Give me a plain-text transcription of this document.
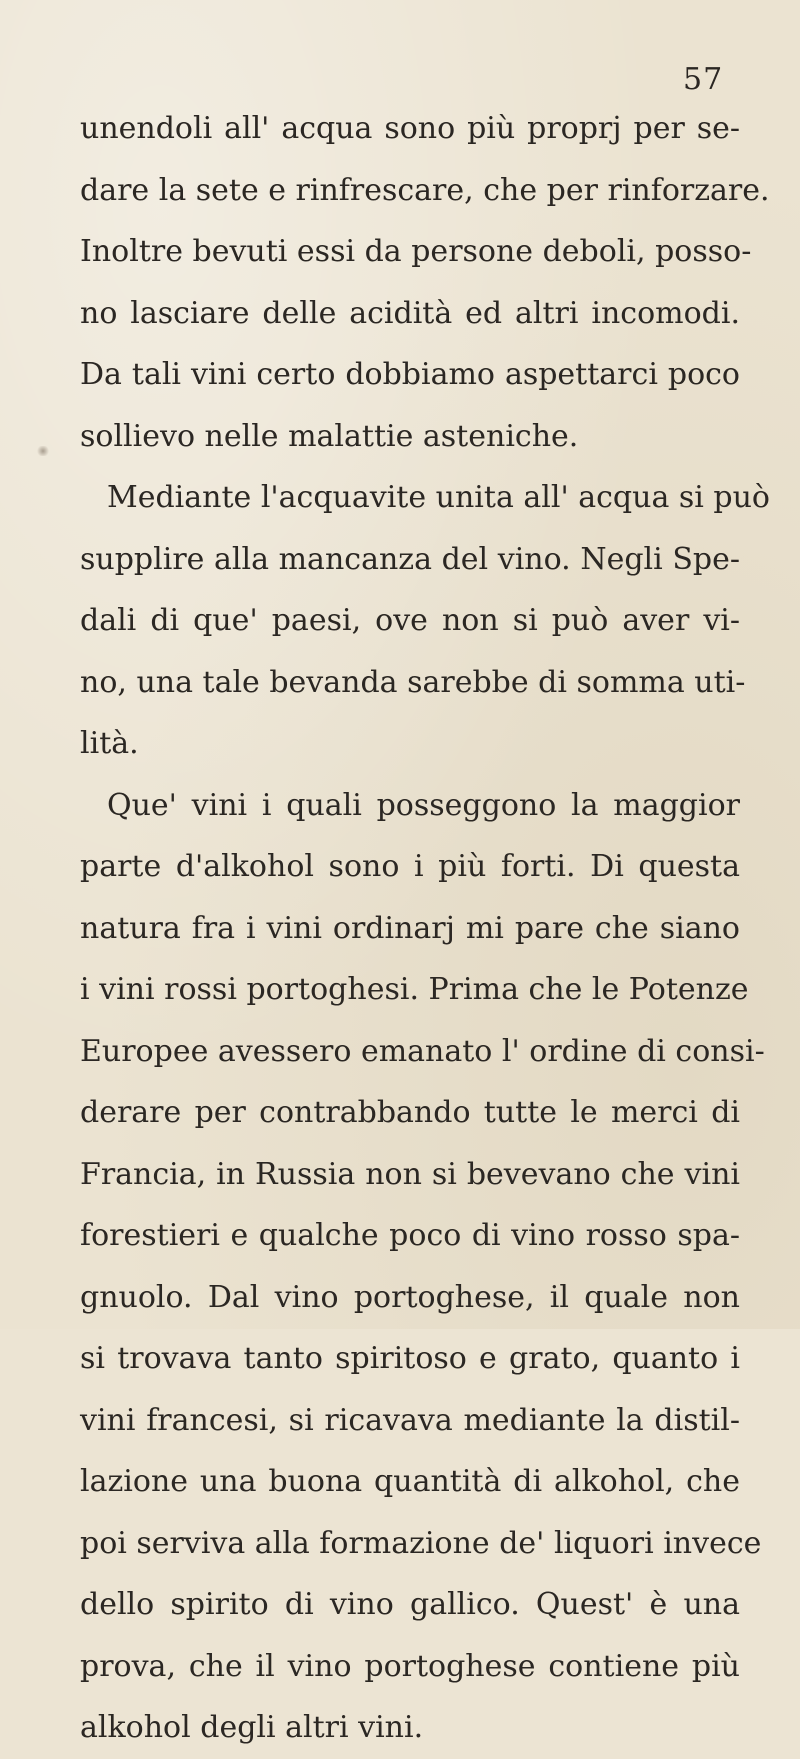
57
unendoli all' acqua sono più proprj per se-
dare la sete e rinfrescare, che per rinforzare.
Inoltre bevuti essi da persone deboli, posso-
no lasciare delle acidità ed altri incomodi.
Da tali vini certo dobbiamo aspettarci poco
sollievo nelle malattie asteniche.
Mediante l'acquavite unita all' acqua si può
supplire alla mancanza del vino. Negli Spe-
dali di que' paesi, ove non si può aver vi-
no, una tale bevanda sarebbe di somma uti-
lità.
Que' vini i quali posseggono la maggior
parte d'alkohol sono i più forti. Di questa
natura fra i vini ordinarj mi pare che siano
i vini rossi portoghesi. Prima che le Potenze
Europee avessero emanato l' ordine di consi-
derare per contrabbando tutte le merci di
Francia, in Russia non si bevevano che vini
forestieri e qualche poco di vino rosso spa-
gnuolo. Dal vino portoghese, il quale non
si trovava tanto spiritoso e grato, quanto i
vini francesi, si ricavava mediante la distil-
lazione una buona quantità di alkohol, che
poi serviva alla formazione de' liquori invece
dello spirito di vino gallico. Quest' è una
prova, che il vino portoghese contiene più
alkohol degli altri vini.
